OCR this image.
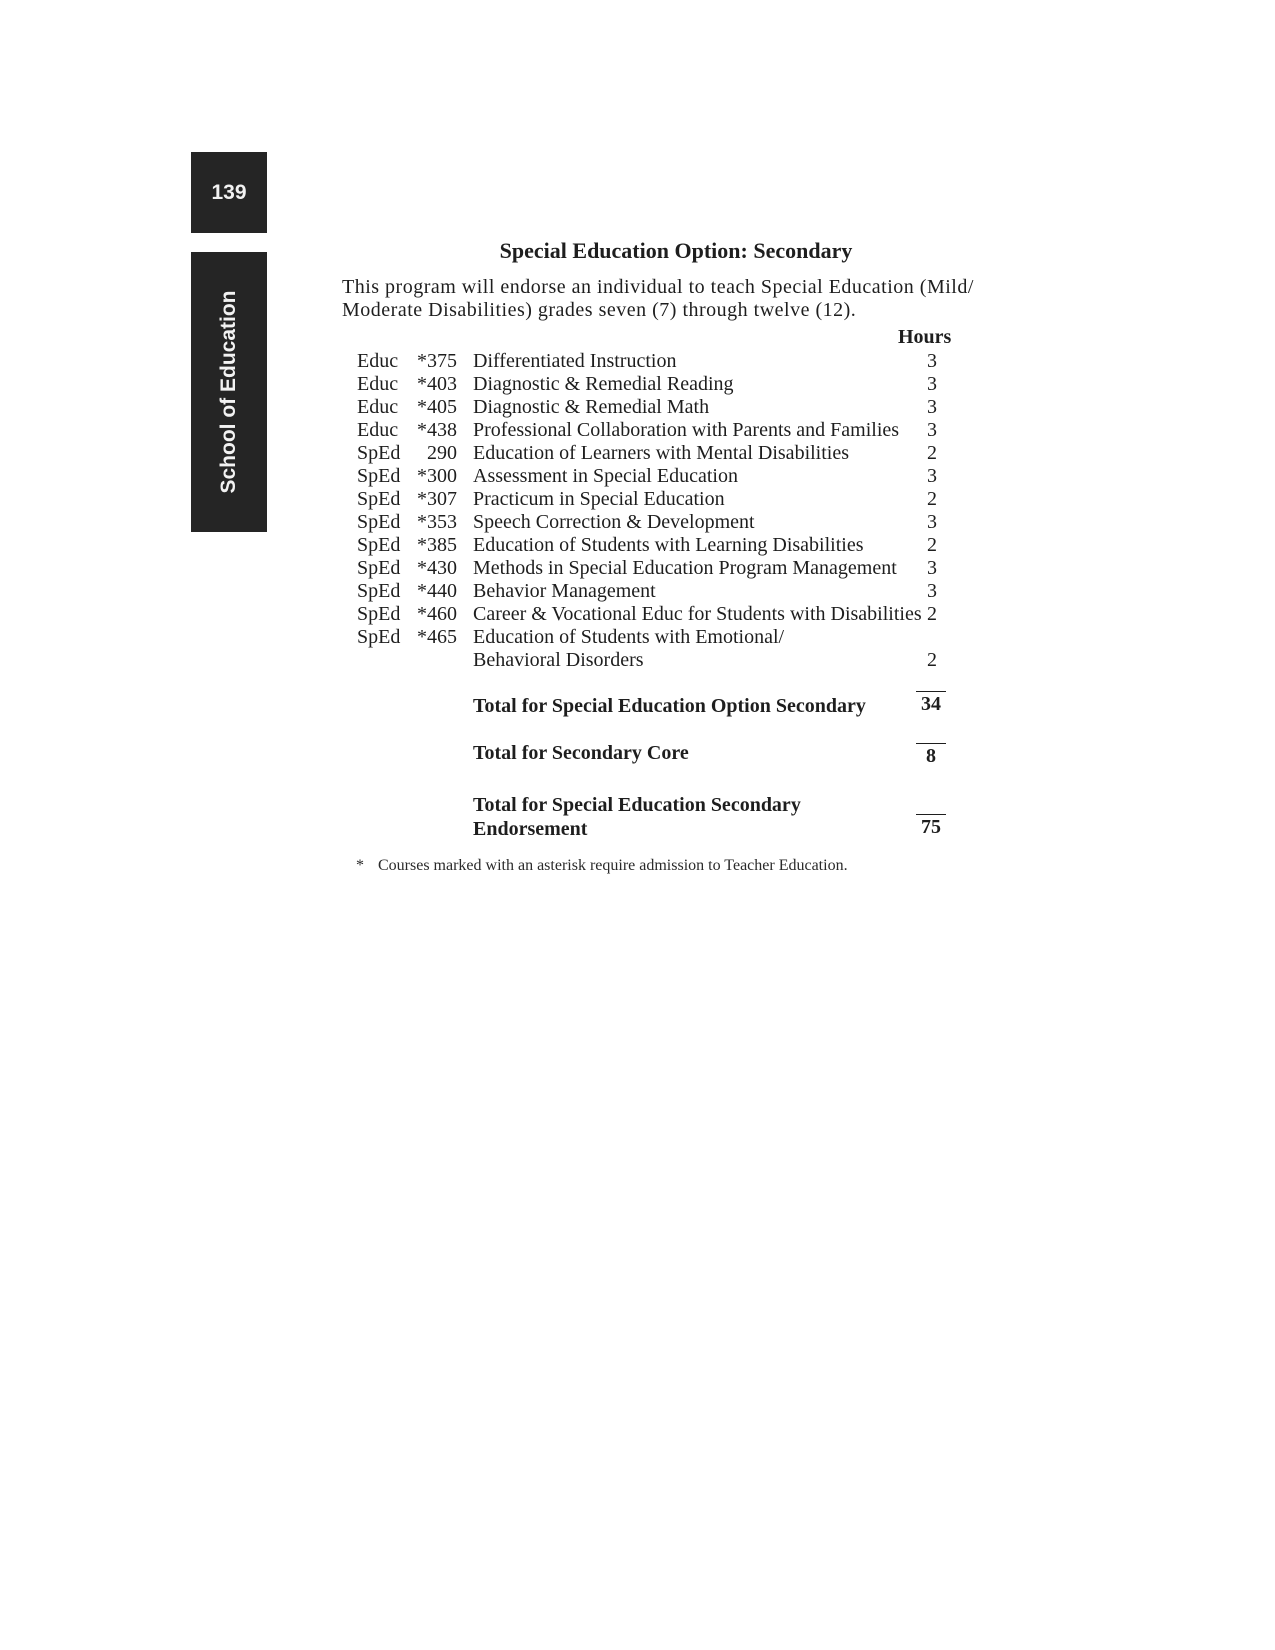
139
School of Education
Special Education Option: Secondary
This program will endorse an individual to teach Special Education (Mild/
Moderate Disabilities) grades seven (7) through twelve (12).
Hours
Educ *375 Differentiated Instruction	3
Educ *403 Diagnostic & Remedial Reading	3
Educ *405 Diagnostic & Remedial Math	3
Educ *438 Professional Collaboration with Parents and Families 3
SpEd	290 Education of Learners with Mental Disabilities	2
SpEd *300 Assessment in Special Education	3
SpEd *307 Practicum in Special Education	2
SpEd *353 Speech Correction & Development	3
SpEd *385 Education of Students with Learning Disabilities	2
SpEd *430 Methods in Special Education Program Management 3
SpEd *440 Behavior Management	3
SpEd *460 Career & Vocational Educ for Students with Disabilities 2
SpEd *465 Education of Students with Emotional/
Behavioral Disorders	2
Total for Special Education Option Secondary	34
Total for Secondary Core	8
Total for Special Education Secondary
Endorsement	75
* Courses marked with an asterisk require admission to Teacher Education.
